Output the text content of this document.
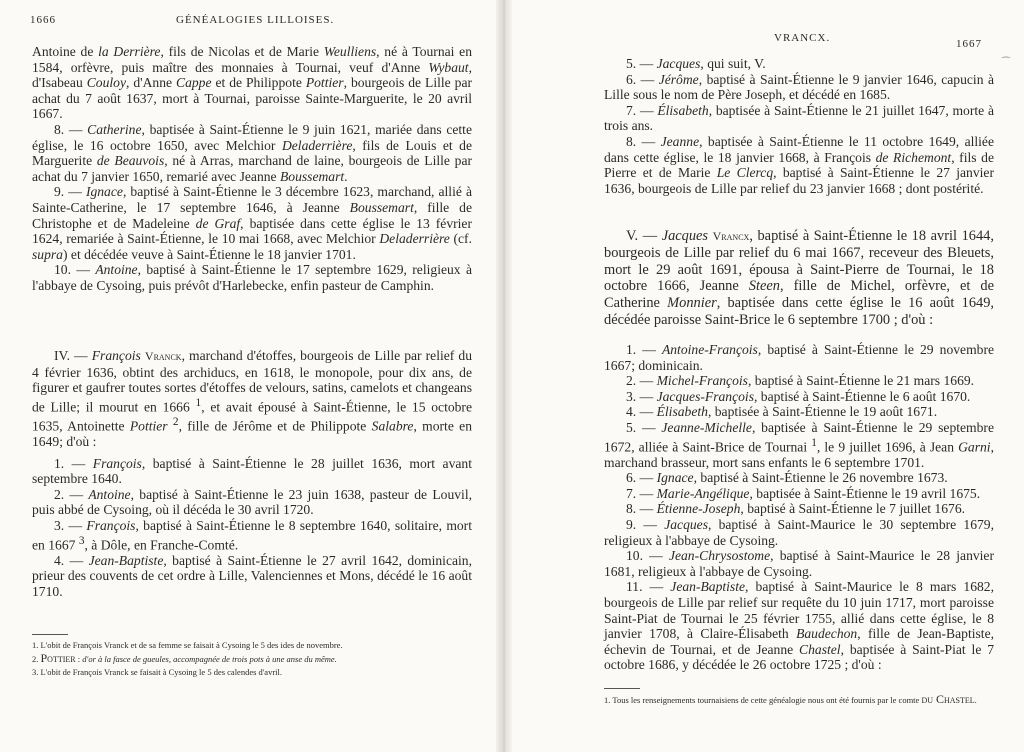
1666	GÉNÉALOGIES LILLOISES.

Antoine de la Derrière, fils de Nicolas et de Marie Weulliens, né à Tournai en 1584, orfèvre, puis maître des monnaies à Tournai, veuf d'Anne Wybaut, d'Isabeau Couloy, d'Anne Cappe et de Philippote Pottier, bourgeois de Lille par achat du 7 août 1637, mort à Tournai, paroisse Sainte-Marguerite, le 20 avril 1667.

8. — Catherine, baptisée à Saint-Étienne le 9 juin 1621, mariée dans cette église, le 16 octobre 1650, avec Melchior Deladerrière, fils de Louis et de Marguerite de Beauvois, né à Arras, marchand de laine, bourgeois de Lille par achat du 7 janvier 1650, remarié avec Jeanne Boussemart.

9. — Ignace, baptisé à Saint-Étienne le 3 décembre 1623, marchand, allié à Sainte-Catherine, le 17 septembre 1646, à Jeanne Boussemart, fille de Christophe et de Madeleine de Graf, baptisée dans cette église le 13 février 1624, remariée à Saint-Étienne, le 10 mai 1668, avec Melchior Deladerrière (cf. supra) et décédée veuve à Saint-Étienne le 18 janvier 1701.

10. — Antoine, baptisé à Saint-Étienne le 17 septembre 1629, religieux à l'abbaye de Cysoing, puis prévôt d'Harlebecke, enfin pasteur de Camphin.

IV. — François Vranck, marchand d'étoffes, bourgeois de Lille par relief du 4 février 1636, obtint des archiducs, en 1618, le monopole, pour dix ans, de figurer et gaufrer toutes sortes d'étoffes de velours, satins, camelots et changeans de Lille; il mourut en 1666 $^1$, et avait épousé à Saint-Étienne, le 15 octobre 1635, Antoinette Pottier $^2$, fille de Jérôme et de Philippote Salabre, morte en 1649; d'où :

1. — François, baptisé à Saint-Étienne le 28 juillet 1636, mort avant septembre 1640.

2. — Antoine, baptisé à Saint-Étienne le 23 juin 1638, pasteur de Louvil, puis abbé de Cysoing, où il décéda le 30 avril 1720.

3. — François, baptisé à Saint-Étienne le 8 septembre 1640, solitaire, mort en 1667 $^3$, à Dôle, en Franche-Comté.

4. — Jean-Baptiste, baptisé à Saint-Étienne le 27 avril 1642, dominicain, prieur des couvents de cet ordre à Lille, Valenciennes et Mons, décédé le 16 août 1710.

1. L'obit de François Vranck et de sa femme se faisait à Cysoing le 5 des ides de novembre.

2. Pottier : d'or à la fasce de gueules, accompagnée de trois pots à une anse du même.

3. L'obit de François Vranck se faisait à Cysoing le 5 des calendes d'avril.

VRANCX.	1667
⁀

5. — Jacques, qui suit, V.

6. — Jérôme, baptisé à Saint-Étienne le 9 janvier 1646, capucin à Lille sous le nom de Père Joseph, et décédé en 1685.

7. — Élisabeth, baptisée à Saint-Étienne le 21 juillet 1647, morte à trois ans.

8. — Jeanne, baptisée à Saint-Étienne le 11 octobre 1649, alliée dans cette église, le 18 janvier 1668, à François de Richemont, fils de Pierre et de Marie Le Clercq, baptisé à Saint-Étienne le 27 janvier 1636, bourgeois de Lille par relief du 23 janvier 1668 ; dont postérité.

V. — Jacques Vrancx, baptisé à Saint-Étienne le 18 avril 1644, bourgeois de Lille par relief du 6 mai 1667, receveur des Bleuets, mort le 29 août 1691, épousa à Saint-Pierre de Tournai, le 18 octobre 1666, Jeanne Steen, fille de Michel, orfèvre, et de Catherine Monnier, baptisée dans cette église le 16 août 1649, décédée paroisse Saint-Brice le 6 septembre 1700 ; d'où :

1. — Antoine-François, baptisé à Saint-Étienne le 29 novembre 1667; dominicain.

2. — Michel-François, baptisé à Saint-Étienne le 21 mars 1669.

3. — Jacques-François, baptisé à Saint-Étienne le 6 août 1670.

4. — Élisabeth, baptisée à Saint-Étienne le 19 août 1671.

5. — Jeanne-Michelle, baptisée à Saint-Étienne le 29 septembre 1672, alliée à Saint-Brice de Tournai $^1$, le 9 juillet 1696, à Jean Garni, marchand brasseur, mort sans enfants le 6 septembre 1701.

6. — Ignace, baptisé à Saint-Étienne le 26 novembre 1673.

7. — Marie-Angélique, baptisée à Saint-Étienne le 19 avril 1675.

8. — Étienne-Joseph, baptisé à Saint-Étienne le 7 juillet 1676.

9. — Jacques, baptisé à Saint-Maurice le 30 septembre 1679, religieux à l'abbaye de Cysoing.

10. — Jean-Chrysostome, baptisé à Saint-Maurice le 28 janvier 1681, religieux à l'abbaye de Cysoing.

11. — Jean-Baptiste, baptisé à Saint-Maurice le 8 mars 1682, bourgeois de Lille par relief sur requête du 10 juin 1717, mort paroisse Saint-Piat de Tournai le 25 février 1755, allié dans cette église, le 8 janvier 1708, à Claire-Élisabeth Baudechon, fille de Jean-Baptiste, échevin de Tournai, et de Jeanne Chastel, baptisée à Saint-Piat le 7 octobre 1686, y décédée le 26 octobre 1725 ; d'où :

1. Tous les renseignements tournaisiens de cette généalogie nous ont été fournis par le comte du Chastel.
